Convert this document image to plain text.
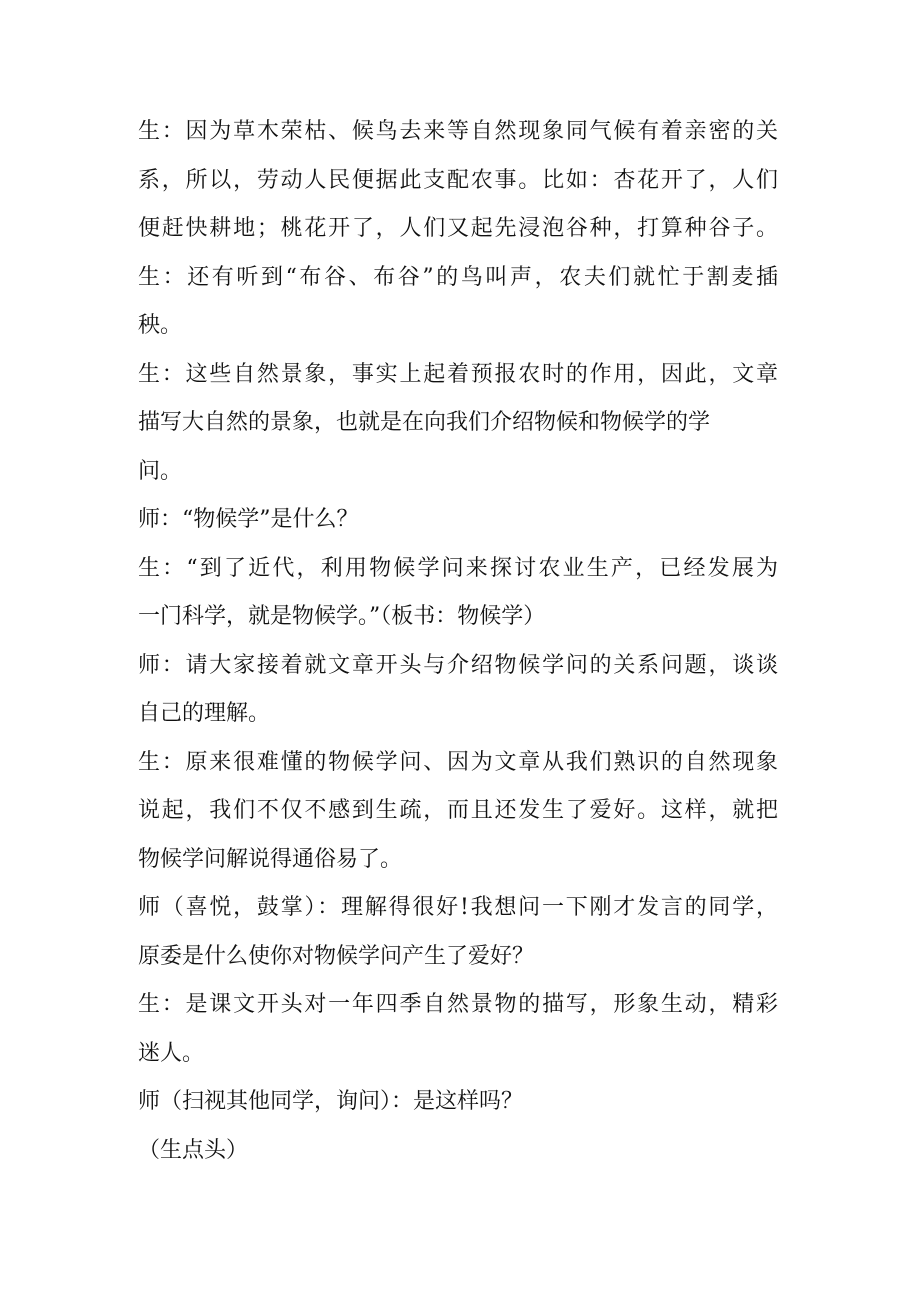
生：因为草木荣枯、候鸟去来等自然现象同气候有着亲密的关
系，所以，劳动人民便据此支配农事。比如：杏花开了，人们
便赶快耕地；桃花开了，人们又起先浸泡谷种，打算种谷子。
生：还有听到“布谷、布谷”的鸟叫声，农夫们就忙于割麦插
秧。
生：这些自然景象，事实上起着预报农时的作用，因此，文章
描写大自然的景象，也就是在向我们介绍物候和物候学的学
问。
师：“物候学”是什么？
生：“到了近代，利用物候学问来探讨农业生产，已经发展为
一门科学，就是物候学。”（板书：物候学）
师：请大家接着就文章开头与介绍物候学问的关系问题，谈谈
自己的理解。
生：原来很难懂的物候学问、因为文章从我们熟识的自然现象
说起，我们不仅不感到生疏，而且还发生了爱好。这样，就把
物候学问解说得通俗易了。
师（喜悦，鼓掌）：理解得很好!我想问一下刚才发言的同学，
原委是什么使你对物候学问产生了爱好？
生：是课文开头对一年四季自然景物的描写，形象生动，精彩
迷人。
师（扫视其他同学，询问）：是这样吗？
（生点头）
